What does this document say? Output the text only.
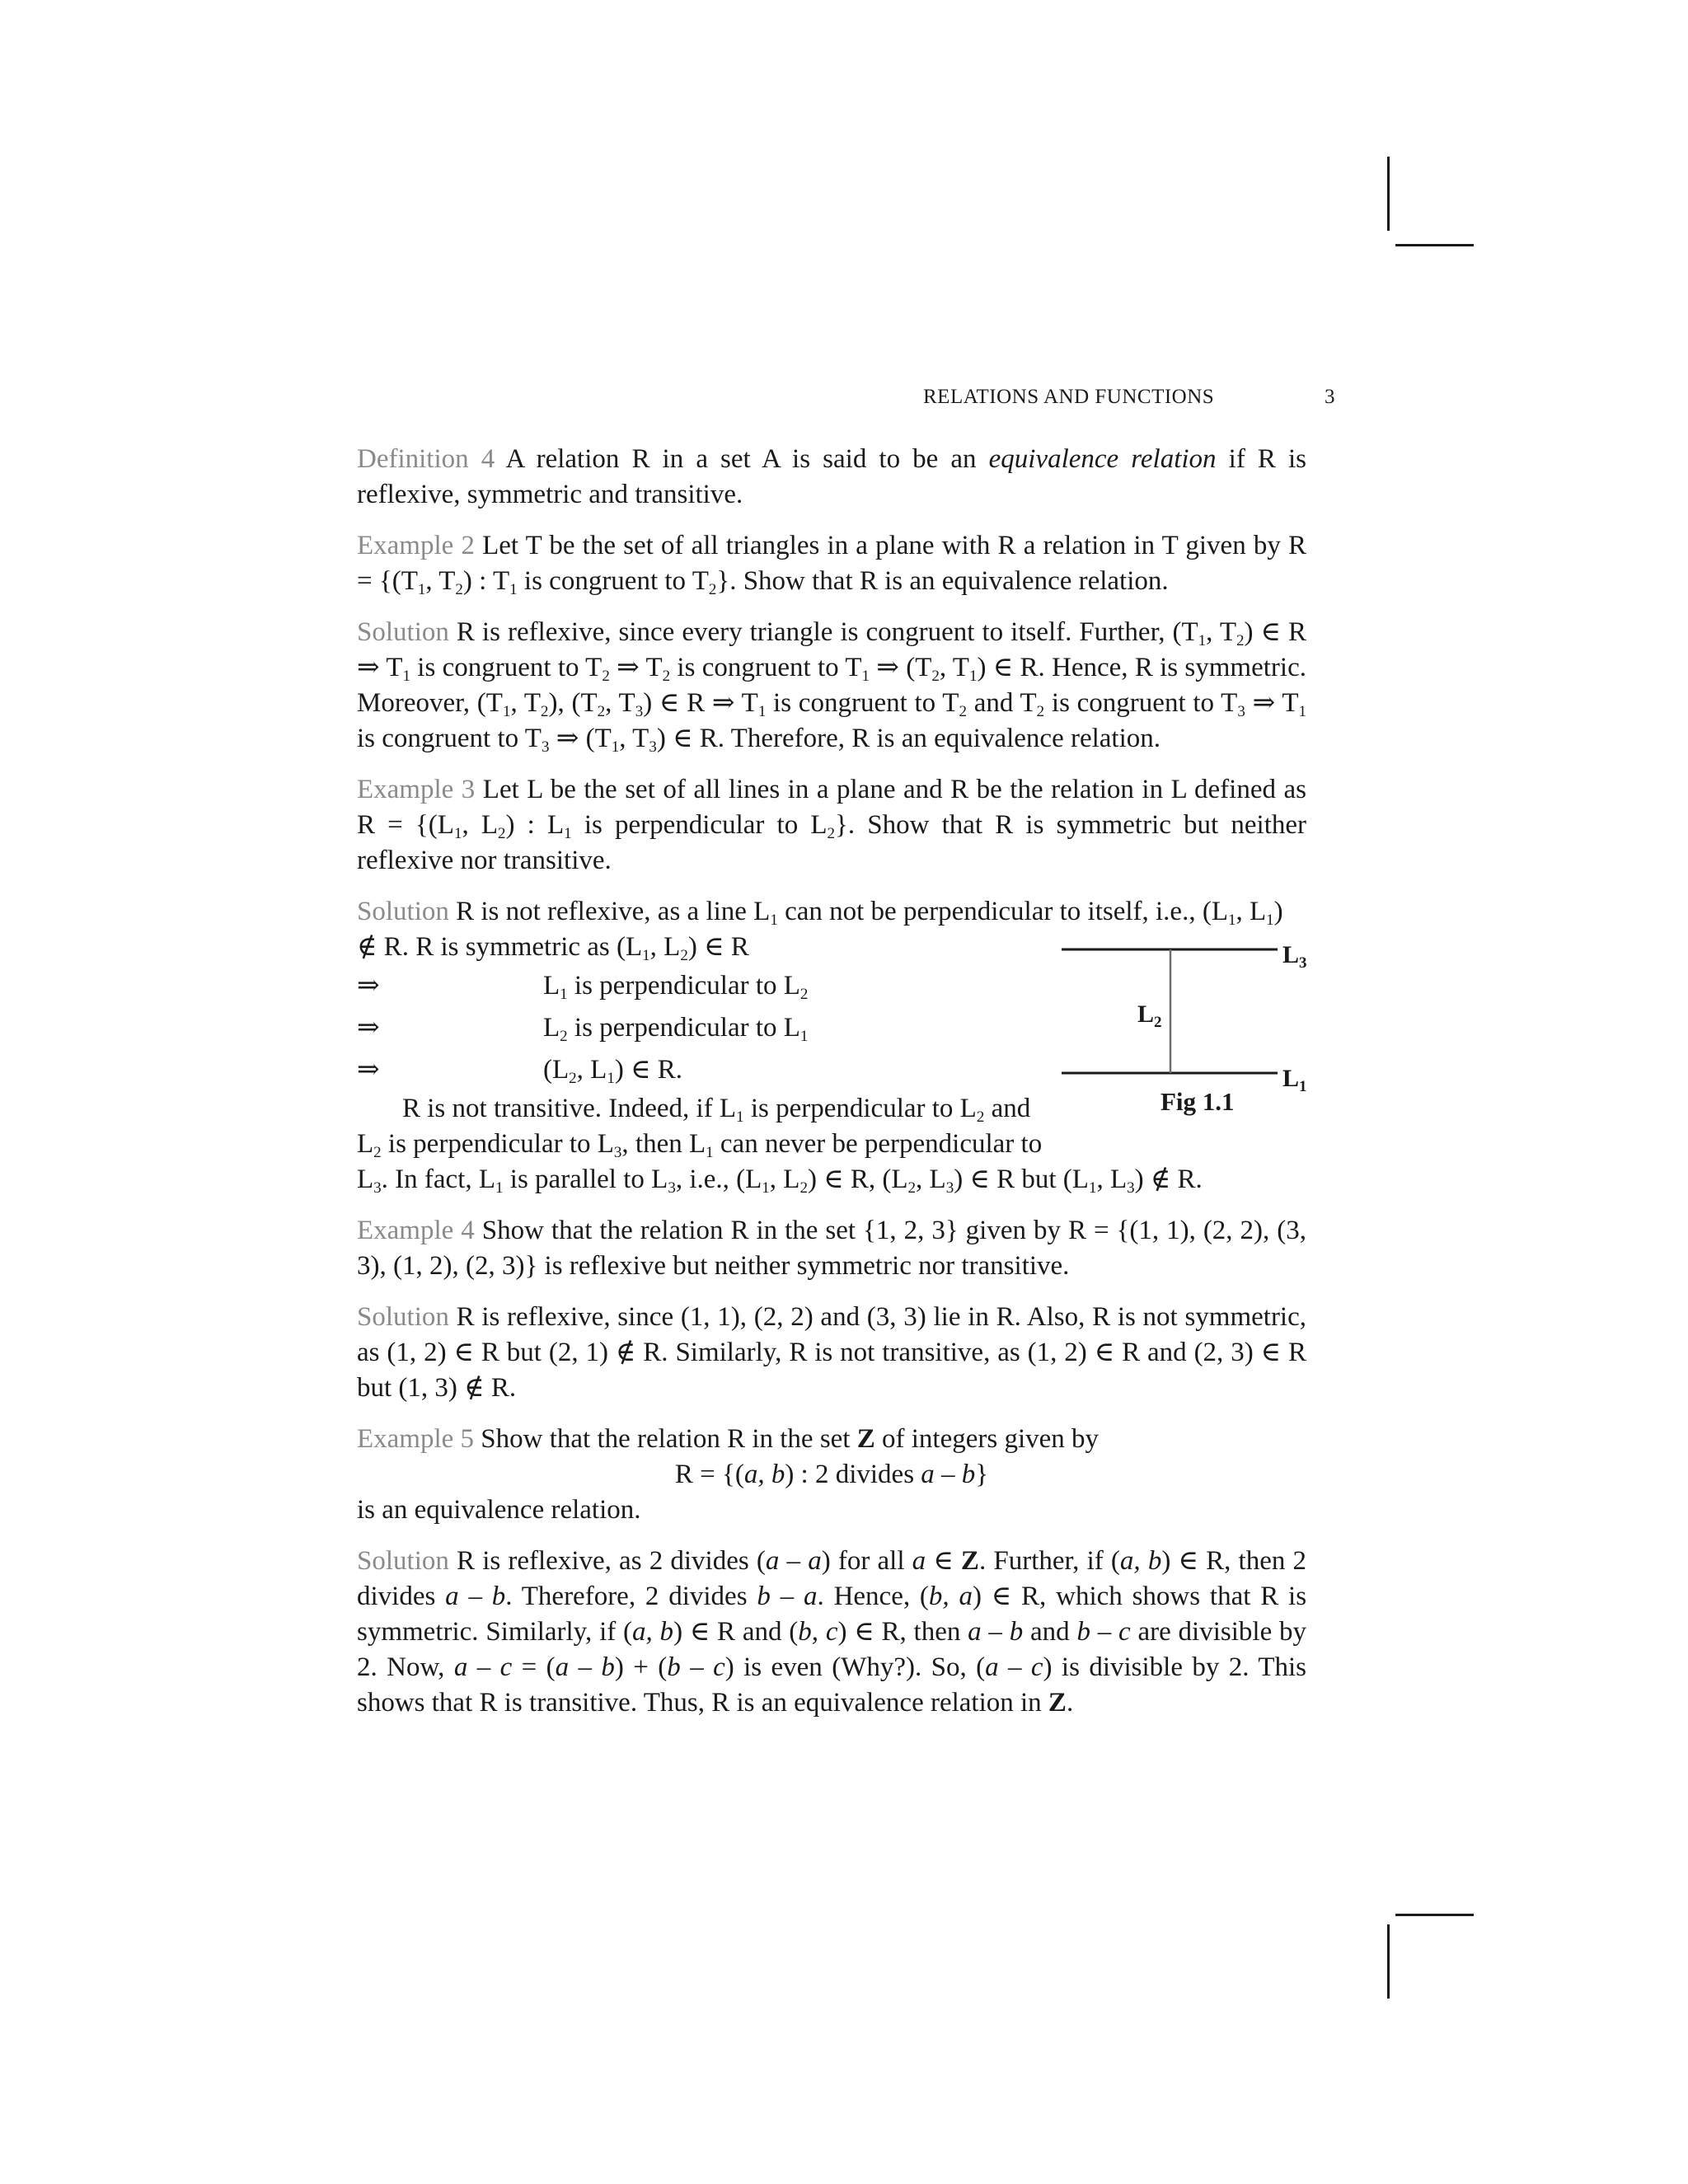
RELATIONS AND FUNCTIONS	3

Definition 4 A relation R in a set A is said to be an equivalence relation if R is reflexive, symmetric and transitive.

Example 2 Let T be the set of all triangles in a plane with R a relation in T given by $R = \{(T_1$, $T_2$) : $T_1$ is congruent to $T_2$}. Show that R is an equivalence relation.

Solution R is reflexive, since every triangle is congruent to itself. Further, ($T_1$, $T_2$) ∈ R ⇒ $T_1$ is congruent to $T_2$ ⇒ $T_2$ is congruent to $T_1$ ⇒ ($T_2$, $T_1$) ∈ R. Hence, R is symmetric. Moreover, ($T_1$, $T_2$), ($T_2$, $T_3$) ∈ R ⇒ $T_1$ is congruent to $T_2$ and $T_2$ is congruent to $T_3$ ⇒ $T_1$ is congruent to $T_3$ ⇒ ($T_1$, $T_3$) ∈ R. Therefore, R is an equivalence relation.

Example 3 Let L be the set of all lines in a plane and R be the relation in L defined as $R = \{(L_1$, $L_2$) : $L_1$ is perpendicular to $L_2$}. Show that R is symmetric but neither reflexive nor transitive.

Solution R is not reflexive, as a line $L_1$ can not be perpendicular to itself, i.e., ($L_1$, $L_1$)
∉ R. R is symmetric as ($L_1$, $L_2$) ∈ R
⇒	$L_1$ is perpendicular to $L_2$
⇒	$L_2$ is perpendicular to $L_1$
⇒	($L_2$, $L_1$) ∈ R.
R is not transitive. Indeed, if $L_1$ is perpendicular to $L_2$ and
$L_2$ is perpendicular to $L_3$, then $L_1$ can never be perpendicular to
$L_3$. In fact, $L_1$ is parallel to $L_3$, i.e., ($L_1$, $L_2$) ∈ R, ($L_2$, $L_3$) ∈ R but ($L_1$, $L_3$) ∉ R.
$L_3$
$L_2$
$L_1$
Fig 1.1

Example 4 Show that the relation R in the set {1, 2, 3} given by R = {(1, 1), (2, 2), (3, 3), (1, 2), (2, 3)} is reflexive but neither symmetric nor transitive.

Solution R is reflexive, since (1, 1), (2, 2) and (3, 3) lie in R. Also, R is not symmetric, as (1, 2) ∈ R but (2, 1) ∉ R. Similarly, R is not transitive, as (1, 2) ∈ R and (2, 3) ∈ R but (1, 3) ∉ R.

Example 5 Show that the relation R in the set Z of integers given by
R = {(a, b) : 2 divides a – b}
is an equivalence relation.

Solution R is reflexive, as 2 divides (a – a) for all a ∈ Z. Further, if (a, b) ∈ R, then 2 divides a – b. Therefore, 2 divides b – a. Hence, (b, a) ∈ R, which shows that R is symmetric. Similarly, if (a, b) ∈ R and (b, c) ∈ R, then a – b and b – c are divisible by 2. Now, a – c = (a – b) + (b – c) is even (Why?). So, (a – c) is divisible by 2. This shows that R is transitive. Thus, R is an equivalence relation in Z.
